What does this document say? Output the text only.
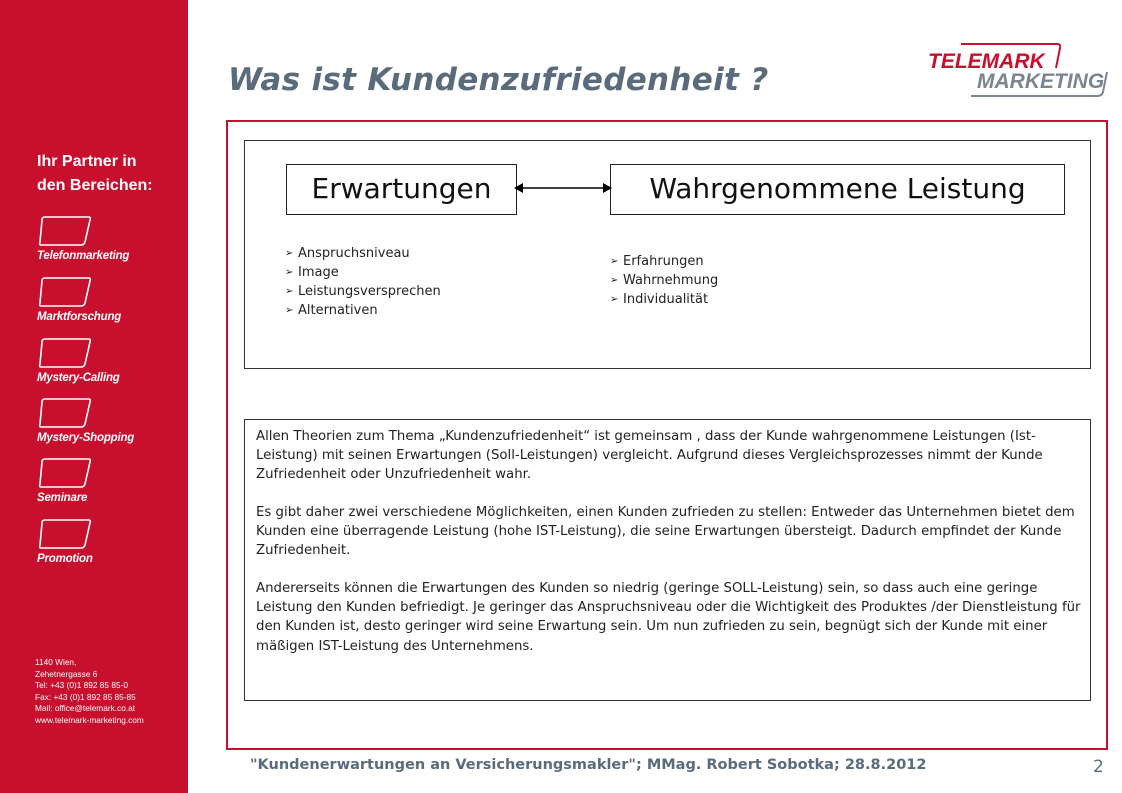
Ihr Partner in
den Bereichen:
Telefonmarketing
Marktforschung
Mystery-Calling
Mystery-Shopping
Seminare
Promotion
1140 Wien,
Zehetnergasse 6
Tel: +43 (0)1 892 85 85-0
Fax: +43 (0)1 892 85 85-85
Mail: office@telemark.co.at
www.telemark-marketing.com
Was ist Kundenzufriedenheit ?
TELEMARK
MARKETING
Erwartungen	Wahrgenommene Leistung
➢ Anspruchsniveau
➢ Image
➢ Leistungsversprechen
➢ Alternativen
➢ Erfahrungen
➢ Wahrnehmung
➢ Individualität

Allen Theorien zum Thema „Kundenzufriedenheit“ ist gemeinsam , dass der Kunde wahrgenommene Leistungen (Ist-Leistung) mit seinen Erwartungen (Soll-Leistungen) vergleicht. Aufgrund dieses Vergleichsprozesses nimmt der Kunde Zufriedenheit oder Unzufriedenheit wahr.

Es gibt daher zwei verschiedene Möglichkeiten, einen Kunden zufrieden zu stellen: Entweder das Unternehmen bietet dem Kunden eine überragende Leistung (hohe IST-Leistung), die seine Erwartungen übersteigt. Dadurch empfindet der Kunde Zufriedenheit.

Andererseits können die Erwartungen des Kunden so niedrig (geringe SOLL-Leistung) sein, so dass auch eine geringe Leistung den Kunden befriedigt. Je geringer das Anspruchsniveau oder die Wichtigkeit des Produktes /der Dienstleistung für den Kunden ist, desto geringer wird seine Erwartung sein. Um nun zufrieden zu sein, begnügt sich der Kunde mit einer mäßigen IST-Leistung des Unternehmens.

"Kundenerwartungen an Versicherungsmakler"; MMag. Robert Sobotka; 28.8.2012	2
